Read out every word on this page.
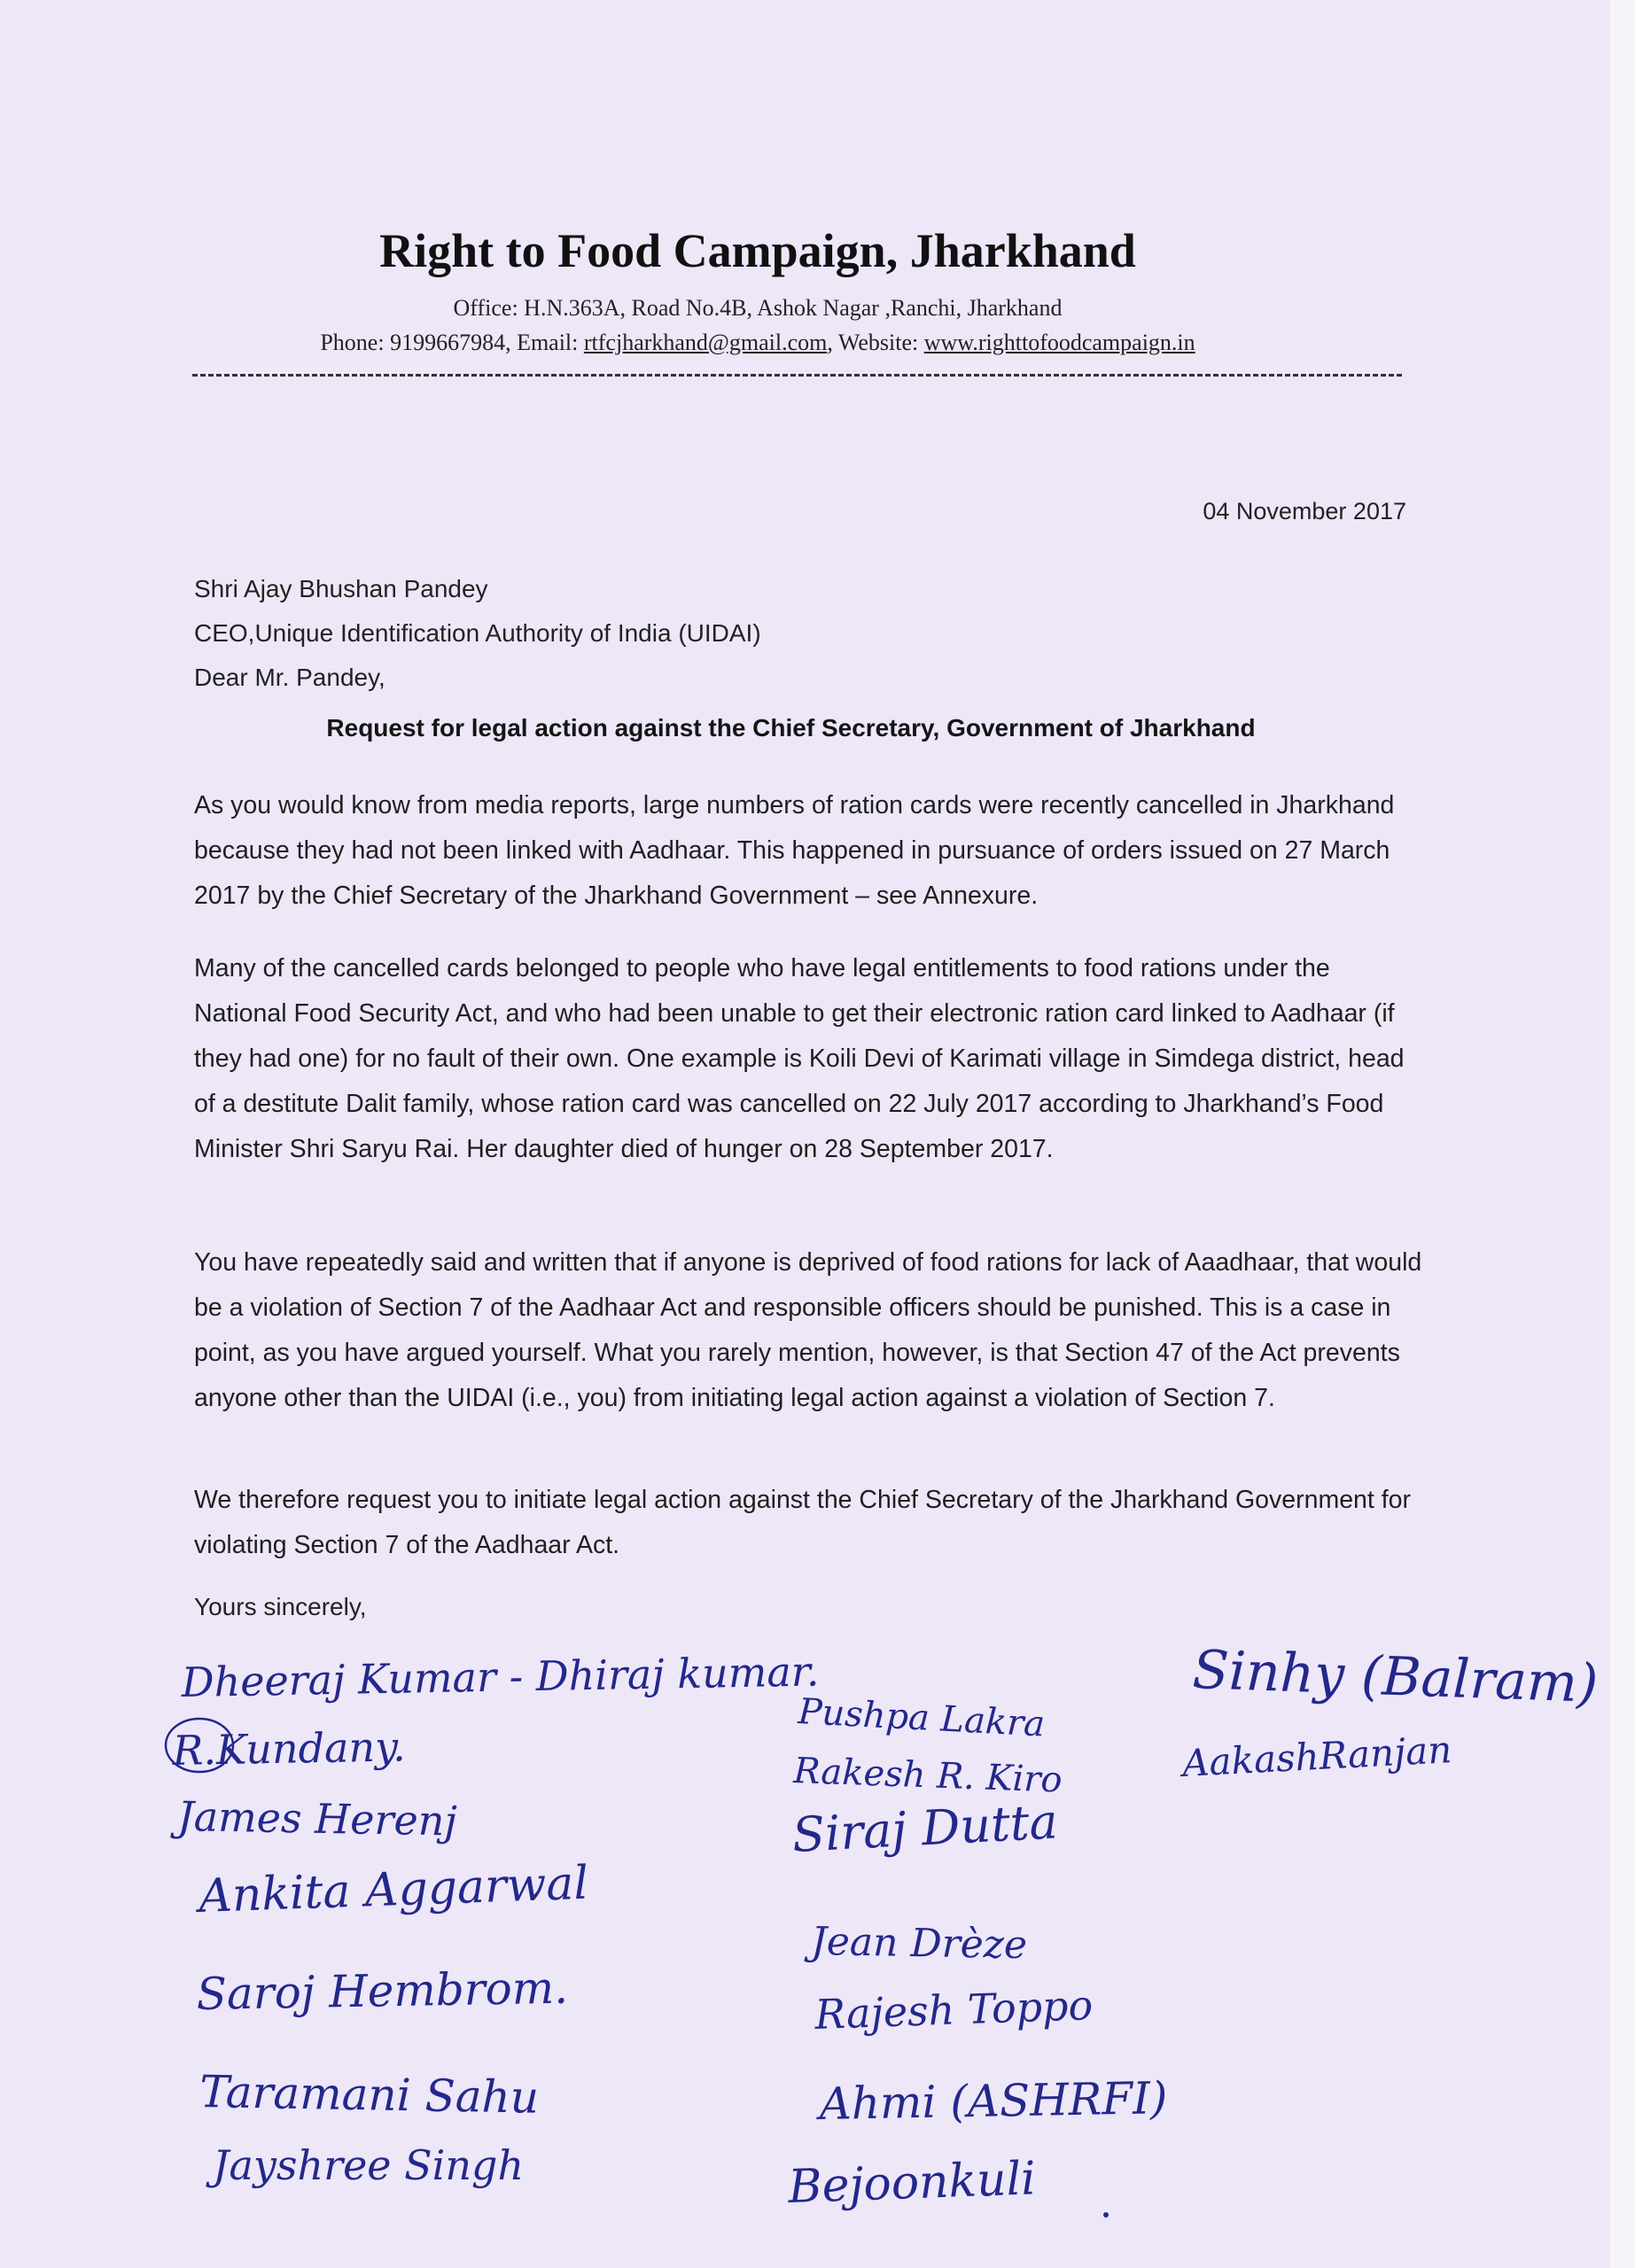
Right to Food Campaign, Jharkhand
Office: H.N.363A, Road No.4B, Ashok Nagar ,Ranchi, Jharkhand
Phone: 9199667984, Email: rtfcjharkhand@gmail.com, Website: www.righttofoodcampaign.in
04 November 2017
Shri Ajay Bhushan Pandey
CEO,Unique Identification Authority of India (UIDAI)
Dear Mr. Pandey,
Request for legal action against the Chief Secretary, Government of Jharkhand
As you would know from media reports, large numbers of ration cards were recently cancelled in Jharkhand because they had not been linked with Aadhaar. This happened in pursuance of orders issued on 27 March 2017 by the Chief Secretary of the Jharkhand Government – see Annexure.
Many of the cancelled cards belonged to people who have legal entitlements to food rations under the National Food Security Act, and who had been unable to get their electronic ration card linked to Aadhaar (if they had one) for no fault of their own. One example is Koili Devi of Karimati village in Simdega district, head of a destitute Dalit family, whose ration card was cancelled on 22 July 2017 according to Jharkhand’s Food Minister Shri Saryu Rai. Her daughter died of hunger on 28 September 2017.
You have repeatedly said and written that if anyone is deprived of food rations for lack of Aaadhaar, that would be a violation of Section 7 of the Aadhaar Act and responsible officers should be punished. This is a case in point, as you have argued yourself. What you rarely mention, however, is that Section 47 of the Act prevents anyone other than the UIDAI (i.e., you) from initiating legal action against a violation of Section 7.
We therefore request you to initiate legal action against the Chief Secretary of the Jharkhand Government for violating Section 7 of the Aadhaar Act.
Yours sincerely,
Dheeraj Kumar - Dhiraj kumar.
R.Kundany.
James Herenj
Ankita Aggarwal
Saroj Hembrom.
Taramani Sahu
Jayshree Singh
Pushpa Lakra
Rakesh R. Kiro
Siraj Dutta
Jean Drèze
Rajesh Toppo
Ahmi (ASHRFI)
Bejoonkuli
Sinhy (Balram)
AakashRanjan
